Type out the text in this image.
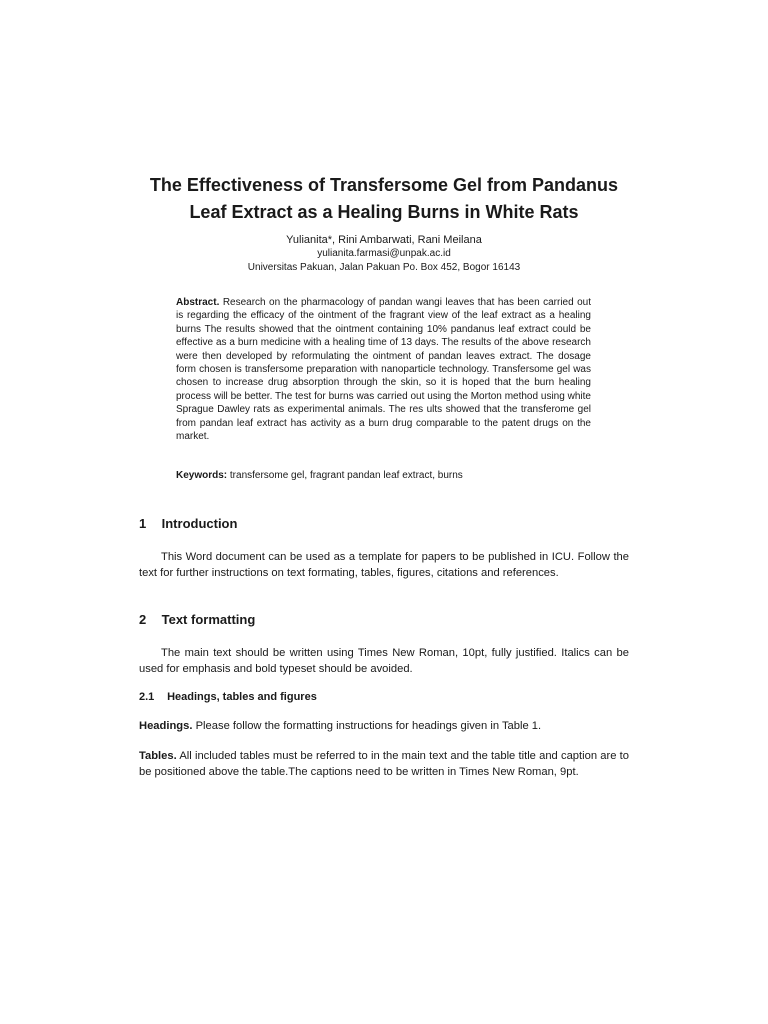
The Effectiveness of Transfersome Gel from Pandanus
Leaf Extract as a Healing Burns in White Rats
Yulianita*, Rini Ambarwati, Rani Meilana
yulianita.farmasi@unpak.ac.id
Universitas Pakuan, Jalan Pakuan Po. Box 452, Bogor 16143
Abstract. Research on the pharmacology of pandan wangi leaves that has been carried out is regarding the efficacy of the ointment of the fragrant view of the leaf extract as a healing burns The results showed that the ointment containing 10% pandanus leaf extract could be effective as a burn medicine with a healing time of 13 days. The results of the above research were then developed by reformulating the ointment of pandan leaves extract. The dosage form chosen is transfersome preparation with nanoparticle technology. Transfersome gel was chosen to increase drug absorption through the skin, so it is hoped that the burn healing process will be better. The test for burns was carried out using the Morton method using white Sprague Dawley rats as experimental animals. The res ults showed that the transferome gel from pandan leaf extract has activity as a burn drug comparable to the patent drugs on the market.
Keywords: transfersome gel, fragrant pandan leaf extract, burns
1 Introduction
This Word document can be used as a template for papers to be published in ICU. Follow the text for further instructions on text formating, tables, figures, citations and references.
2 Text formatting
The main text should be written using Times New Roman, 10pt, fully justified. Italics can be used for emphasis and bold typeset should be avoided.
2.1 Headings, tables and figures
Headings. Please follow the formatting instructions for headings given in Table 1.
Tables. All included tables must be referred to in the main text and the table title and caption are to be positioned above the table.The captions need to be written in Times New Roman, 9pt.
